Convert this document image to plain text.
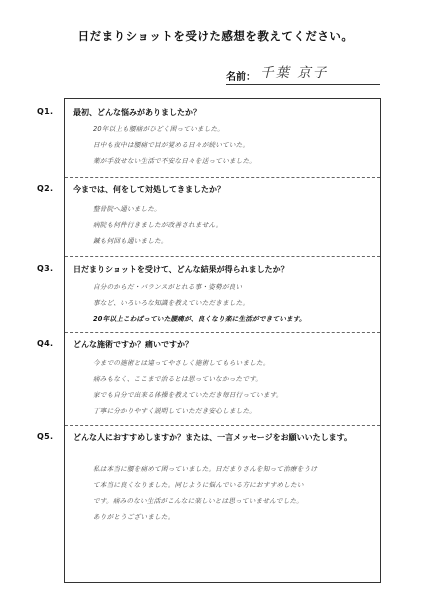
日だまりショットを受けた感想を教えてください。
名前： 千葉 京子
Q1. 最初、どんな悩みがありましたか？
20年以上も腰痛がひどく困っていました。
日中も夜中は腰痛で目が覚める日々が続いていた。
薬が手放せない生活で不安な日々を送っていました。
Q2. 今までは、何をして対処してきましたか？
整骨院へ通いました。
病院も何件行きましたが改善されません。
鍼も何回も通いました。
Q3. 日だまりショットを受けて、どんな結果が得られましたか？
自分のからだ・バランスがとれる事・姿勢が良い
事など、いろいろな知識を教えていただきました。
20年以上こわばっていた腰痛が、良くなり楽に生活ができています。
Q4. どんな施術ですか？痛いですか？
今までの施術とは違ってやさしく施術してもらいました。
痛みもなく、ここまで治るとは思っていなかったです。
家でも自分で出来る体操を教えていただき毎日行っています。
丁寧に分かりやすく説明していただき安心しました。
Q5. どんな人におすすめしますか？または、一言メッセージをお願いいたします。
私は本当に腰を痛めて困っていました。日だまりさんを知って治療をうけ
て本当に良くなりました。同じように悩んでいる方におすすめしたい
です。痛みのない生活がこんなに楽しいとは思っていませんでした。
ありがとうございました。
